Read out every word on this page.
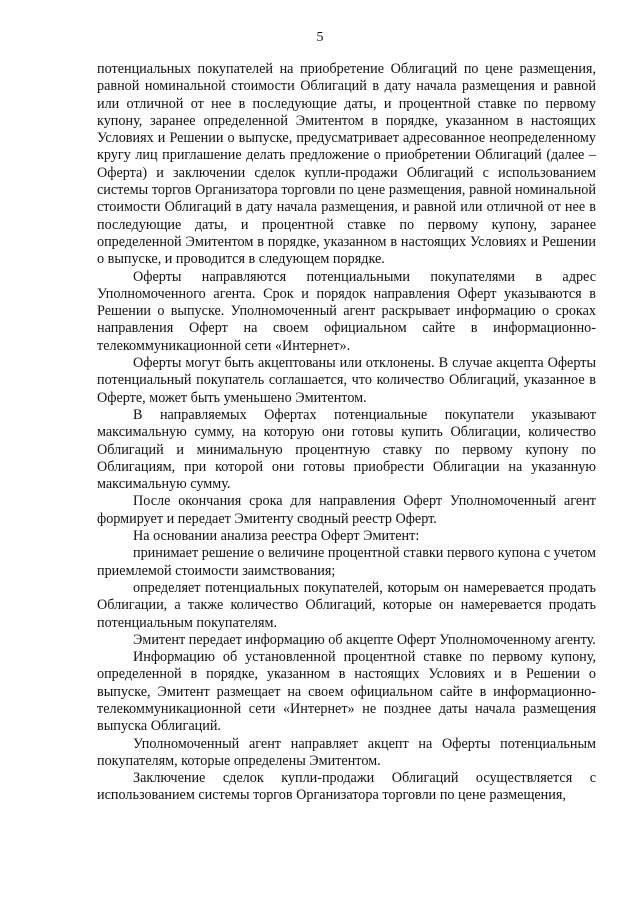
5

потенциальных покупателей на приобретение Облигаций по цене размещения, равной номинальной стоимости Облигаций в дату начала размещения и равной или отличной от нее в последующие даты, и процентной ставке по первому купону, заранее определенной Эмитентом в порядке, указанном в настоящих Условиях и Решении о выпуске, предусматривает адресованное неопределенному кругу лиц приглашение делать предложение о приобретении Облигаций (далее – Оферта) и заключении сделок купли-продажи Облигаций с использованием системы торгов Организатора торговли по цене размещения, равной номинальной стоимости Облигаций в дату начала размещения, и равной или отличной от нее в последующие даты, и процентной ставке по первому купону, заранее определенной Эмитентом в порядке, указанном в настоящих Условиях и Решении о выпуске, и проводится в следующем порядке.

Оферты направляются потенциальными покупателями в адрес Уполномоченного агента. Срок и порядок направления Оферт указываются в Решении о выпуске. Уполномоченный агент раскрывает информацию о сроках направления Оферт на своем официальном сайте в информационно-телекоммуникационной сети «Интернет».

Оферты могут быть акцептованы или отклонены. В случае акцепта Оферты потенциальный покупатель соглашается, что количество Облигаций, указанное в Оферте, может быть уменьшено Эмитентом.

В направляемых Офертах потенциальные покупатели указывают максимальную сумму, на которую они готовы купить Облигации, количество Облигаций и минимальную процентную ставку по первому купону по Облигациям, при которой они готовы приобрести Облигации на указанную максимальную сумму.

После окончания срока для направления Оферт Уполномоченный агент формирует и передает Эмитенту сводный реестр Оферт.

На основании анализа реестра Оферт Эмитент:

принимает решение о величине процентной ставки первого купона с учетом приемлемой стоимости заимствования;

определяет потенциальных покупателей, которым он намеревается продать Облигации, а также количество Облигаций, которые он намеревается продать потенциальным покупателям.

Эмитент передает информацию об акцепте Оферт Уполномоченному агенту.

Информацию об установленной процентной ставке по первому купону, определенной в порядке, указанном в настоящих Условиях и в Решении о выпуске, Эмитент размещает на своем официальном сайте в информационно-телекоммуникационной сети «Интернет» не позднее даты начала размещения выпуска Облигаций.

Уполномоченный агент направляет акцепт на Оферты потенциальным покупателям, которые определены Эмитентом.

Заключение сделок купли-продажи Облигаций осуществляется с использованием системы торгов Организатора торговли по цене размещения,
